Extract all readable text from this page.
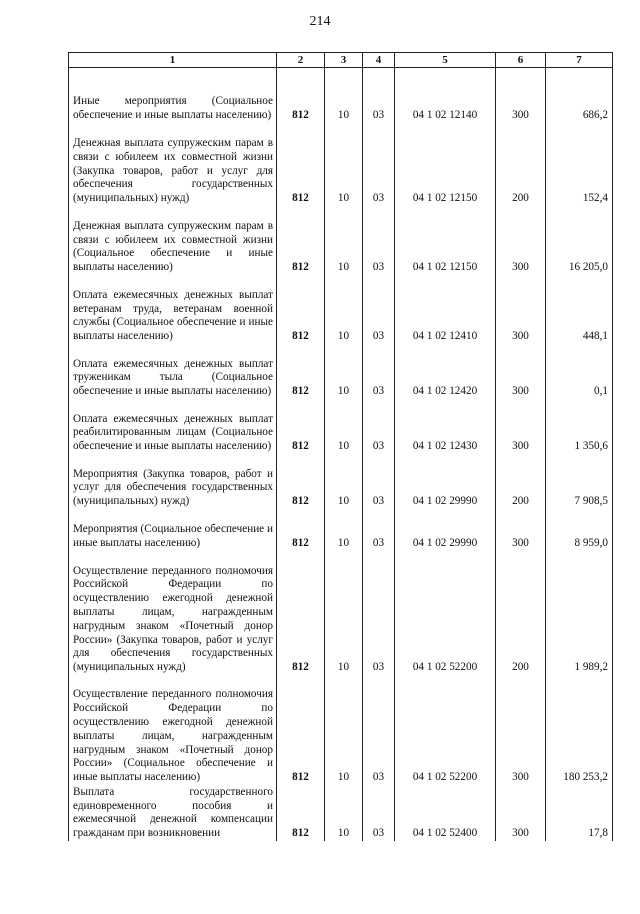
214
1	2	3	4	5	6	7
Иные мероприятия (Социальное обеспечение и иные выплаты населению)	812	10	03	04 1 02 12140	300	686,2
Денежная выплата супружеским парам в связи с юбилеем их совместной жизни (Закупка товаров, работ и услуг для обеспечения государственных (муниципальных) нужд)	812	10	03	04 1 02 12150	200	152,4
Денежная выплата супружеским парам в связи с юбилеем их совместной жизни (Социальное обеспечение и иные выплаты населению)	812	10	03	04 1 02 12150	300	16 205,0
Оплата ежемесячных денежных выплат ветеранам труда, ветеранам военной службы (Социальное обеспечение и иные выплаты населению)	812	10	03	04 1 02 12410	300	448,1
Оплата ежемесячных денежных выплат труженикам тыла (Социальное обеспечение и иные выплаты населению)	812	10	03	04 1 02 12420	300	0,1
Оплата ежемесячных денежных выплат реабилитированным лицам (Социальное обеспечение и иные выплаты населению)	812	10	03	04 1 02 12430	300	1 350,6
Мероприятия (Закупка товаров, работ и услуг для обеспечения государственных (муниципальных) нужд)	812	10	03	04 1 02 29990	200	7 908,5
Мероприятия (Социальное обеспечение и иные выплаты населению)	812	10	03	04 1 02 29990	300	8 959,0
Осуществление переданного полномочия Российской Федерации по осуществлению ежегодной денежной выплаты лицам, награжденным нагрудным знаком «Почетный донор России» (Закупка товаров, работ и услуг для обеспечения государственных (муниципальных нужд)	812	10	03	04 1 02 52200	200	1 989,2
Осуществление переданного полномочия Российской Федерации по осуществлению ежегодной денежной выплаты лицам, награжденным нагрудным знаком «Почетный донор России» (Социальное обеспечение и иные выплаты населению)	812	10	03	04 1 02 52200	300	180 253,2
Выплата государственного единовременного пособия и ежемесячной денежной компенсации гражданам при возникновении	812	10	03	04 1 02 52400	300	17,8
